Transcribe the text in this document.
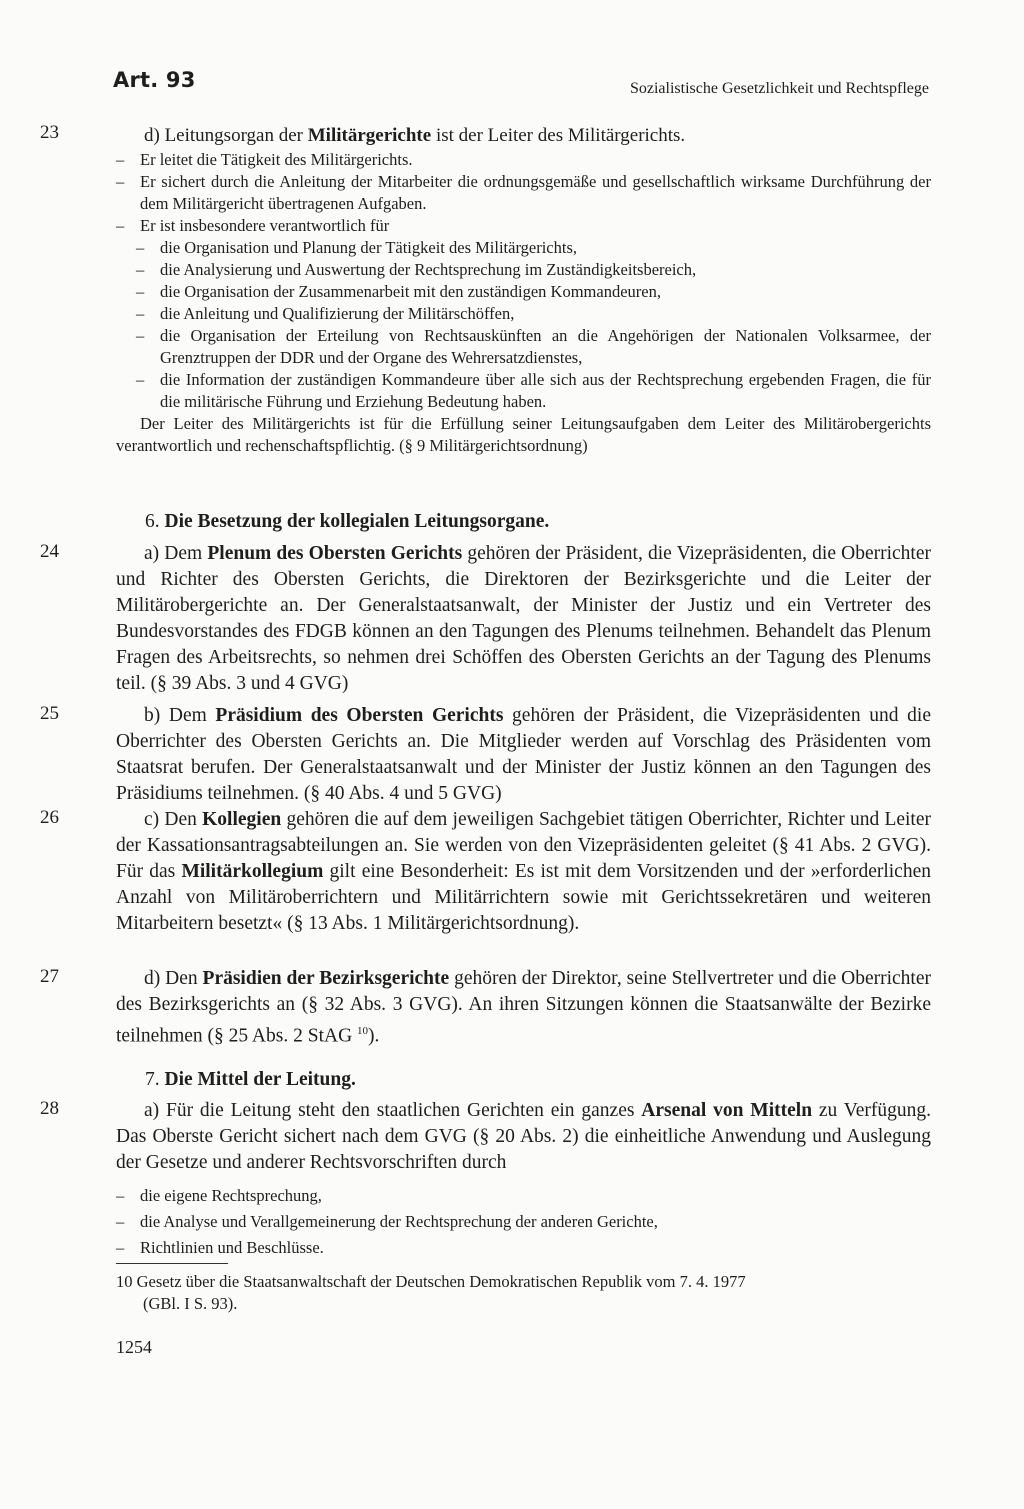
Art. 93	Sozialistische Gesetzlichkeit und Rechtspflege
23	d) Leitungsorgan der Militärgerichte ist der Leiter des Militärgerichts.

– Er leitet die Tätigkeit des Militärgerichts.
– Er sichert durch die Anleitung der Mitarbeiter die ordnungsgemäße und gesellschaftlich wirksame Durchführung der dem Militärgericht übertragenen Aufgaben.
– Er ist insbesondere verantwortlich für
– die Organisation und Planung der Tätigkeit des Militärgerichts,
– die Analysierung und Auswertung der Rechtsprechung im Zuständigkeitsbereich,
– die Organisation der Zusammenarbeit mit den zuständigen Kommandeuren,
– die Anleitung und Qualifizierung der Militärschöffen,
– die Organisation der Erteilung von Rechtsauskünften an die Angehörigen der Nationalen Volksarmee, der Grenztruppen der DDR und der Organe des Wehrersatzdienstes,
– die Information der zuständigen Kommandeure über alle sich aus der Rechtsprechung ergebenden Fragen, die für die militärische Führung und Erziehung Bedeutung haben.

Der Leiter des Militärgerichts ist für die Erfüllung seiner Leitungsaufgaben dem Leiter des Militärobergerichts verantwortlich und rechenschaftspflichtig. (§ 9 Militärgerichtsordnung)

6. Die Besetzung der kollegialen Leitungsorgane.
24	a) Dem Plenum des Obersten Gerichts gehören der Präsident, die Vizepräsidenten, die Oberrichter und Richter des Obersten Gerichts, die Direktoren der Bezirksgerichte und die Leiter der Militärobergerichte an. Der Generalstaatsanwalt, der Minister der Justiz und ein Vertreter des Bundesvorstandes des FDGB können an den Tagungen des Plenums teilnehmen. Behandelt das Plenum Fragen des Arbeitsrechts, so nehmen drei Schöffen des Obersten Gerichts an der Tagung des Plenums teil. (§ 39 Abs. 3 und 4 GVG)

25	b) Dem Präsidium des Obersten Gerichts gehören der Präsident, die Vizepräsidenten und die Oberrichter des Obersten Gerichts an. Die Mitglieder werden auf Vorschlag des Präsidenten vom Staatsrat berufen. Der Generalstaatsanwalt und der Minister der Justiz können an den Tagungen des Präsidiums teilnehmen. (§ 40 Abs. 4 und 5 GVG)

26	c) Den Kollegien gehören die auf dem jeweiligen Sachgebiet tätigen Oberrichter, Richter und Leiter der Kassationsantragsabteilungen an. Sie werden von den Vizepräsidenten geleitet (§ 41 Abs. 2 GVG). Für das Militärkollegium gilt eine Besonderheit: Es ist mit dem Vorsitzenden und der »erforderlichen Anzahl von Militäroberrichtern und Militärrichtern sowie mit Gerichtssekretären und weiteren Mitarbeitern besetzt« (§ 13 Abs. 1 Militärgerichtsordnung).

27	d) Den Präsidien der Bezirksgerichte gehören der Direktor, seine Stellvertreter und die Oberrichter des Bezirksgerichts an (§ 32 Abs. 3 GVG). An ihren Sitzungen können die Staatsanwälte der Bezirke teilnehmen (§ 25 Abs. 2 StAG $^{10}$).

7. Die Mittel der Leitung.
28	a) Für die Leitung steht den staatlichen Gerichten ein ganzes Arsenal von Mitteln zu Verfügung. Das Oberste Gericht sichert nach dem GVG (§ 20 Abs. 2) die einheitliche Anwendung und Auslegung der Gesetze und anderer Rechtsvorschriften durch

– die eigene Rechtsprechung,
– die Analyse und Verallgemeinerung der Rechtsprechung der anderen Gerichte,
– Richtlinien und Beschlüsse.

10 Gesetz über die Staatsanwaltschaft der Deutschen Demokratischen Republik vom 7. 4. 1977

(GBl. I S. 93).

1254
